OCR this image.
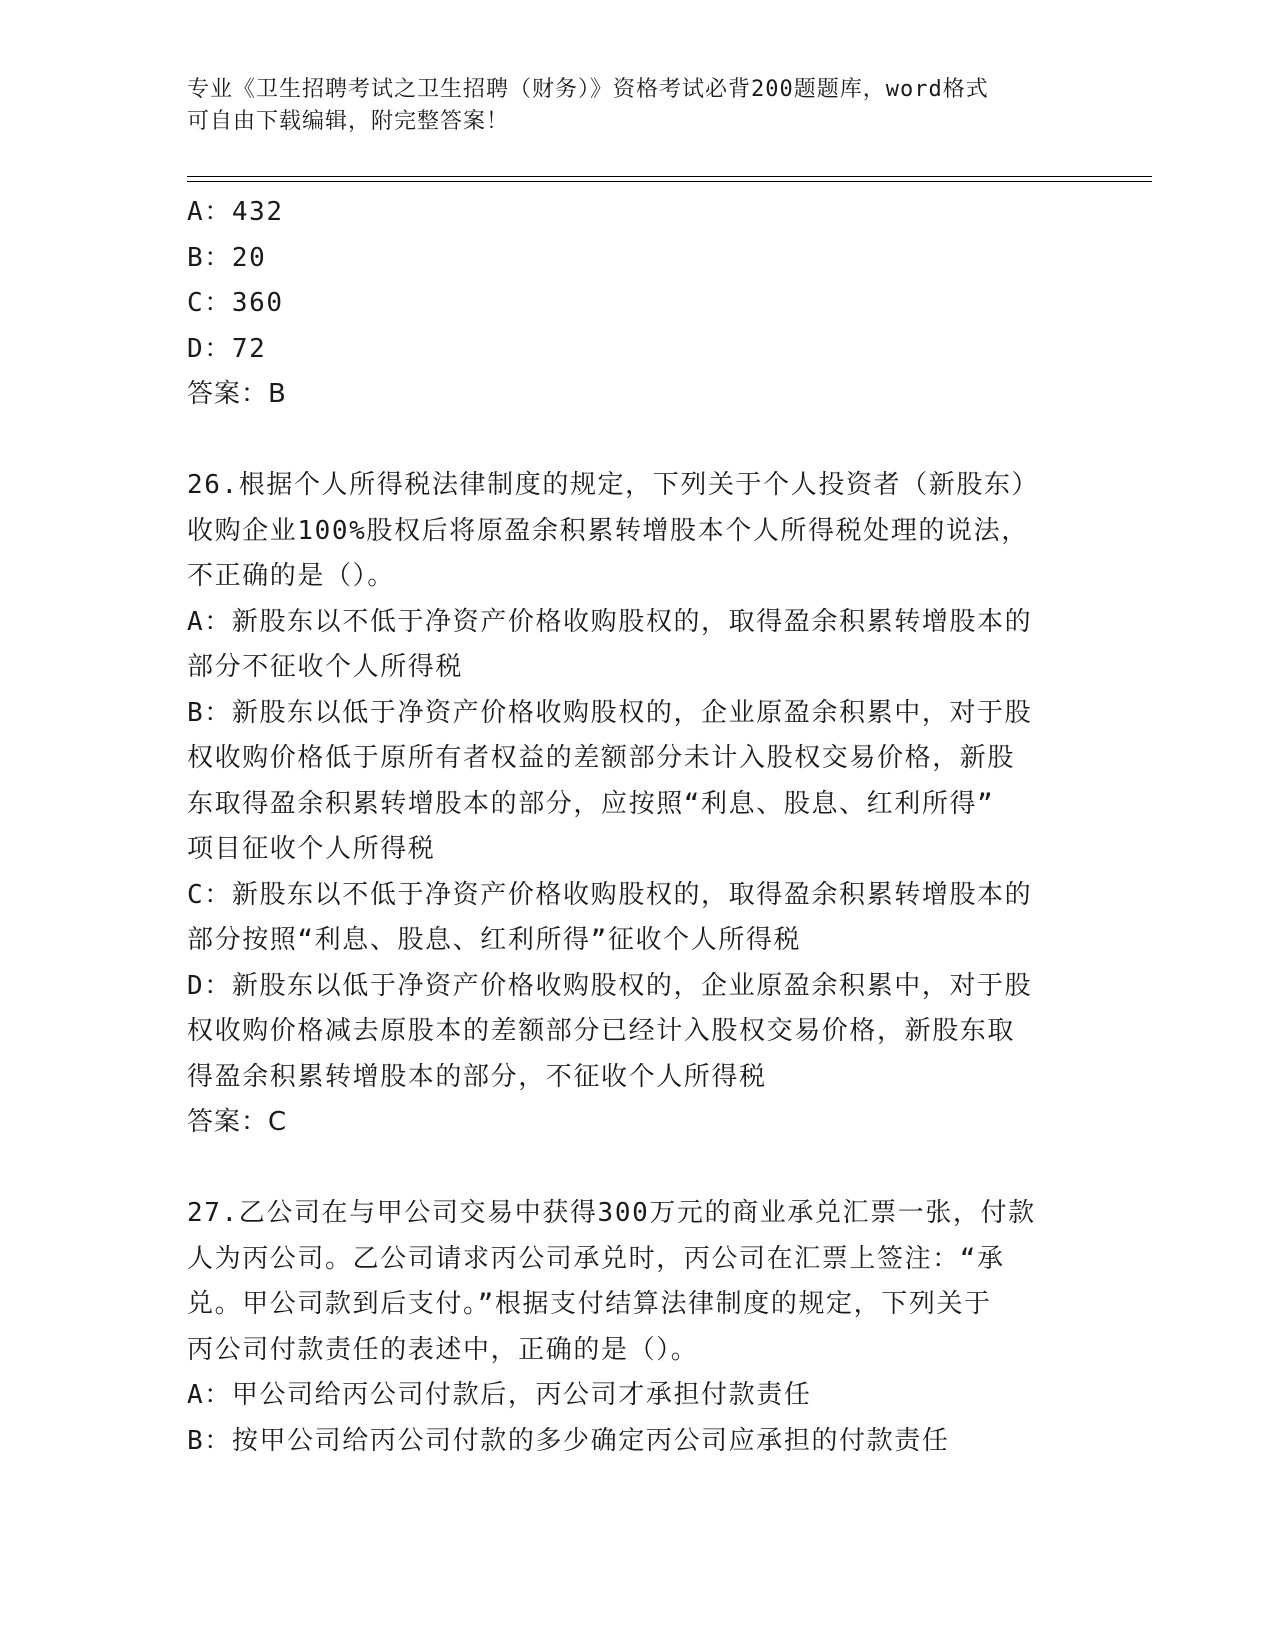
专业《卫生招聘考试之卫生招聘（财务）》资格考试必背200题题库，word格式
可自由下载编辑，附完整答案！

A：432

B：20

C：360

D：72

答案：B

26.根据个人所得税法律制度的规定，下列关于个人投资者（新股东）

收购企业100%股权后将原盈余积累转增股本个人所得税处理的说法，

不正确的是（）。

A：新股东以不低于净资产价格收购股权的，取得盈余积累转增股本的

部分不征收个人所得税

B：新股东以低于净资产价格收购股权的，企业原盈余积累中，对于股

权收购价格低于原所有者权益的差额部分未计入股权交易价格，新股

东取得盈余积累转增股本的部分，应按照“利息、股息、红利所得”

项目征收个人所得税

C：新股东以不低于净资产价格收购股权的，取得盈余积累转增股本的

部分按照“利息、股息、红利所得”征收个人所得税

D：新股东以低于净资产价格收购股权的，企业原盈余积累中，对于股

权收购价格减去原股本的差额部分已经计入股权交易价格，新股东取

得盈余积累转增股本的部分，不征收个人所得税

答案：C

27.乙公司在与甲公司交易中获得300万元的商业承兑汇票一张，付款

人为丙公司。乙公司请求丙公司承兑时，丙公司在汇票上签注：“承

兑。甲公司款到后支付。”根据支付结算法律制度的规定，下列关于

丙公司付款责任的表述中，正确的是（）。

A：甲公司给丙公司付款后，丙公司才承担付款责任

B：按甲公司给丙公司付款的多少确定丙公司应承担的付款责任
